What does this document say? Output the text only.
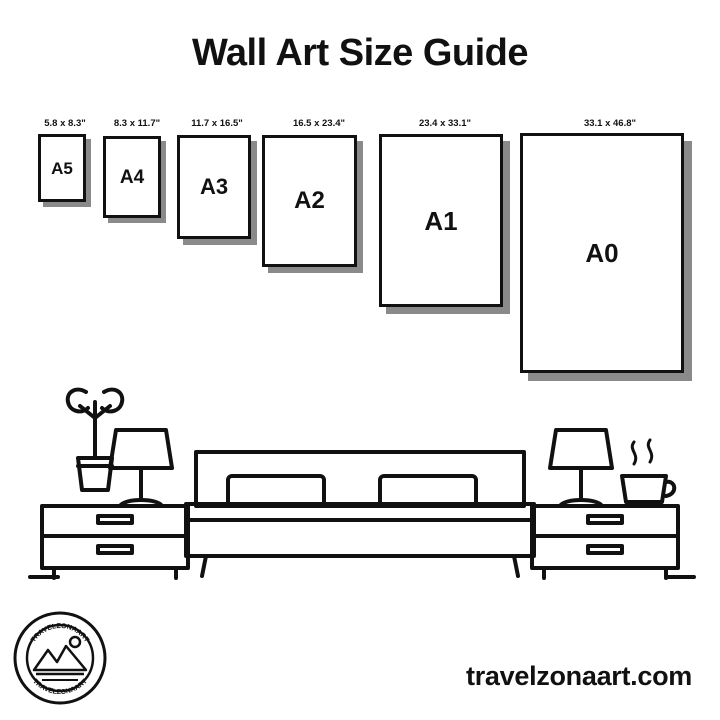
Wall Art Size Guide
5.8 x 8.3"
A5
8.3 x 11.7"
A4
11.7 x 16.5"
A3
16.5 x 23.4"
A2
23.4 x 33.1"
A1
33.1 x 46.8"
A0
TRAVELZONAART
TRAVELZONAART	travelzonaart.com
